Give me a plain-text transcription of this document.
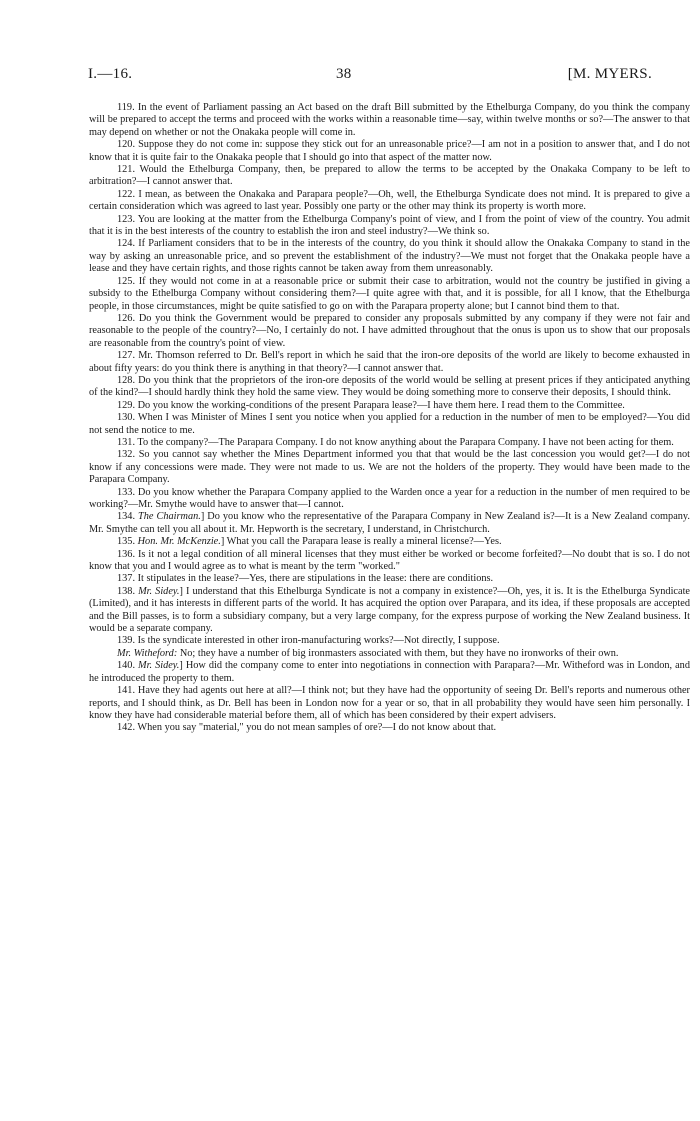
I.—16.	38	[M. MYERS.

119. In the event of Parliament passing an Act based on the draft Bill submitted by the Ethelburga Company, do you think the company will be prepared to accept the terms and proceed with the works within a reasonable time—say, within twelve months or so?—The answer to that may depend on whether or not the Onakaka people will come in.

120. Suppose they do not come in: suppose they stick out for an unreasonable price?—I am not in a position to answer that, and I do not know that it is quite fair to the Onakaka people that I should go into that aspect of the matter now.

121. Would the Ethelburga Company, then, be prepared to allow the terms to be accepted by the Onakaka Company to be left to arbitration?—I cannot answer that.

122. I mean, as between the Onakaka and Parapara people?—Oh, well, the Ethelburga Syndicate does not mind. It is prepared to give a certain consideration which was agreed to last year. Possibly one party or the other may think its property is worth more.

123. You are looking at the matter from the Ethelburga Company's point of view, and I from the point of view of the country. You admit that it is in the best interests of the country to establish the iron and steel industry?—We think so.

124. If Parliament considers that to be in the interests of the country, do you think it should allow the Onakaka Company to stand in the way by asking an unreasonable price, and so prevent the establishment of the industry?—We must not forget that the Onakaka people have a lease and they have certain rights, and those rights cannot be taken away from them unreasonably.

125. If they would not come in at a reasonable price or submit their case to arbitration, would not the country be justified in giving a subsidy to the Ethelburga Company without considering them?—I quite agree with that, and it is possible, for all I know, that the Ethelburga people, in those circumstances, might be quite satisfied to go on with the Parapara property alone; but I cannot bind them to that.

126. Do you think the Government would be prepared to consider any proposals submitted by any company if they were not fair and reasonable to the people of the country?—No, I certainly do not. I have admitted throughout that the onus is upon us to show that our proposals are reasonable from the country's point of view.

127. Mr. Thomson referred to Dr. Bell's report in which he said that the iron-ore deposits of the world are likely to become exhausted in about fifty years: do you think there is anything in that theory?—I cannot answer that.

128. Do you think that the proprietors of the iron-ore deposits of the world would be selling at present prices if they anticipated anything of the kind?—I should hardly think they hold the same view. They would be doing something more to conserve their deposits, I should think.

129. Do you know the working-conditions of the present Parapara lease?—I have them here. I read them to the Committee.

130. When I was Minister of Mines I sent you notice when you applied for a reduction in the number of men to be employed?—You did not send the notice to me.

131. To the company?—The Parapara Company. I do not know anything about the Parapara Company. I have not been acting for them.

132. So you cannot say whether the Mines Department informed you that that would be the last concession you would get?—I do not know if any concessions were made. They were not made to us. We are not the holders of the property. They would have been made to the Parapara Company.

133. Do you know whether the Parapara Company applied to the Warden once a year for a reduction in the number of men required to be working?—Mr. Smythe would have to answer that—I cannot.

134. The Chairman.] Do you know who the representative of the Parapara Company in New Zealand is?—It is a New Zealand company. Mr. Smythe can tell you all about it. Mr. Hepworth is the secretary, I understand, in Christchurch.

135. Hon. Mr. McKenzie.] What you call the Parapara lease is really a mineral license?—Yes.

136. Is it not a legal condition of all mineral licenses that they must either be worked or become forfeited?—No doubt that is so. I do not know that you and I would agree as to what is meant by the term "worked."

137. It stipulates in the lease?—Yes, there are stipulations in the lease: there are conditions.

138. Mr. Sidey.] I understand that this Ethelburga Syndicate is not a company in existence?—Oh, yes, it is. It is the Ethelburga Syndicate (Limited), and it has interests in different parts of the world. It has acquired the option over Parapara, and its idea, if these proposals are accepted and the Bill passes, is to form a subsidiary company, but a very large company, for the express purpose of working the New Zealand business. It would be a separate company.

139. Is the syndicate interested in other iron-manufacturing works?—Not directly, I suppose.

Mr. Witheford: No; they have a number of big ironmasters associated with them, but they have no ironworks of their own.

140. Mr. Sidey.] How did the company come to enter into negotiations in connection with Parapara?—Mr. Witheford was in London, and he introduced the property to them.

141. Have they had agents out here at all?—I think not; but they have had the opportunity of seeing Dr. Bell's reports and numerous other reports, and I should think, as Dr. Bell has been in London now for a year or so, that in all probability they would have seen him personally. I know they have had considerable material before them, all of which has been considered by their expert advisers.

142. When you say "material," you do not mean samples of ore?—I do not know about that.
